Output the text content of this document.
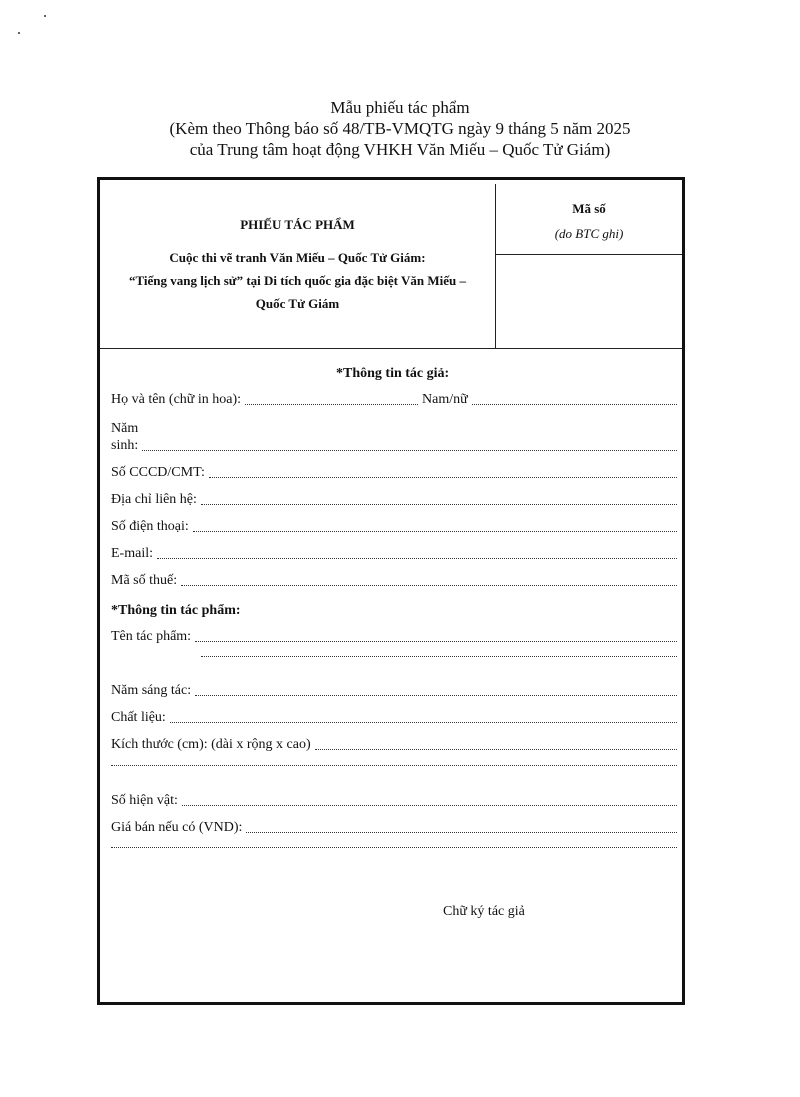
Mẫu phiếu tác phẩm
(Kèm theo Thông báo số 48/TB-VMQTG ngày 9 tháng 5 năm 2025
của Trung tâm hoạt động VHKH Văn Miếu – Quốc Tử Giám)
PHIẾU TÁC PHẨM
Cuộc thi vẽ tranh Văn Miếu – Quốc Tử Giám:
“Tiếng vang lịch sử” tại Di tích quốc gia đặc biệt Văn Miếu –
Quốc Tử Giám
Mã số
(do BTC ghi)
*Thông tin tác giả:
Họ và tên (chữ in hoa):	Nam/nữ
Năm
sinh:
Số CCCD/CMT:
Địa chỉ liên hệ:
Số điện thoại:
E-mail:
Mã số thuế:
*Thông tin tác phẩm:
Tên tác phẩm:
Năm sáng tác:
Chất liệu:
Kích thước (cm): (dài x rộng x cao)
Số hiện vật:
Giá bán nếu có (VND):
Chữ ký tác giả
